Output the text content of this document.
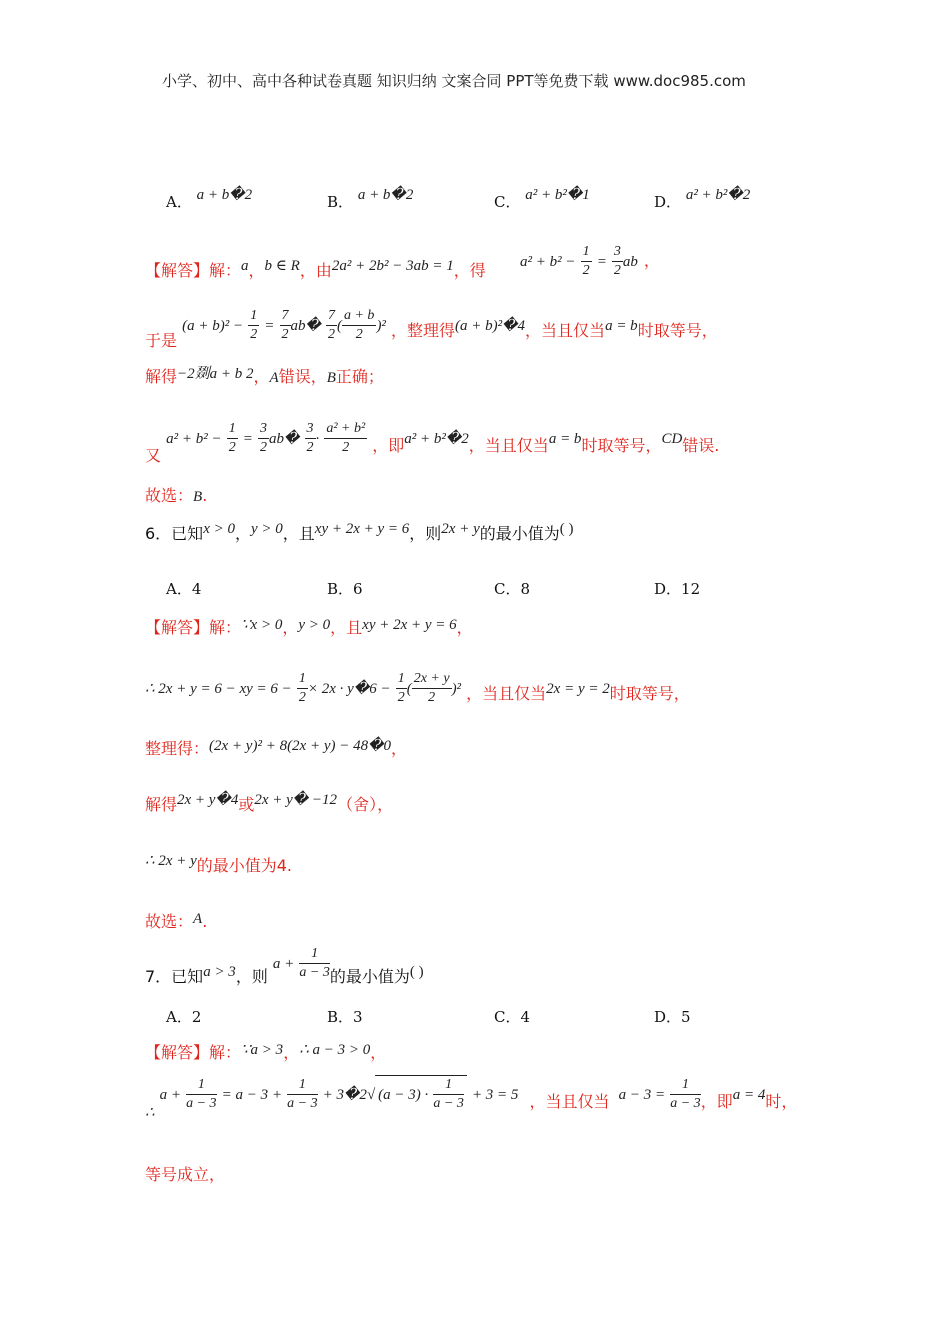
小学、初中、高中各种试卷真题 知识归纳 文案合同 PPT等免费下载 www.doc985.com
A． a + b�2	B． a + b�2	C． a² + b²�1	D． a² + b²�2
【解答】解：a，b ∈ R，由2a² + 2b² − 3ab = 1，得 $a^2 + b^2 - \frac{1}{2} = \frac{3}{2}$ ab ，
于是 $(a + b)^2 - \frac{1}{2} = \frac{7}{2}$ ab� $\frac{7}{2}$ ( $\frac{a + b}{2} )^2$ ，整理得(a + b)²�4，当且仅当a = b时取等号，
解得−2剟a + b 2，A错误，B正确；
又 $a^2 + b^2 - \frac{1}{2} = \frac{3}{2}$ ab� $\frac{3}{2} \cdot \frac{\text{a² + b²}}{2}$ ，即a² + b²�2，当且仅当a = b时取等号，CD错误.
故选：B.
6．已知x > 0，y > 0，且xy + 2x + y = 6，则2x + y的最小值为( )
A．4	B．6	C．8	D．12
【解答】解：∵x > 0，y > 0，且xy + 2x + y = 6，
∴ 2x + y = 6 − xy = $6 - \frac{1}{2} \times 2x$ · y�6 − $\frac{1}{2}$ ( $\frac{2x + y}{2} )^2$ ，当且仅当2x = y = 2时取等号，
整理得：(2x + y)² + 8(2x + y) − 48�0，
解得2x + y�4或2x + y� −12（舍），
∴ 2x + y的最小值为4.
故选：A.
7．已知a > 3，则 $a + \frac{1}{a - 3}$ 的最小值为( )
A．2	B．3	C．4	D．5
【解答】解：∵a > 3，∴ a − 3 > 0，
∴ $a + \frac{1}{a - 3} = a - 3 + \frac{1}{a - 3}$ + 3�2√ $(a - 3) \cdot \frac{1}{a - 3} + 3 = 5$ ，当且仅当 $a - 3 = \frac{1}{a - 3}$ ，即a = 4时，
等号成立，
